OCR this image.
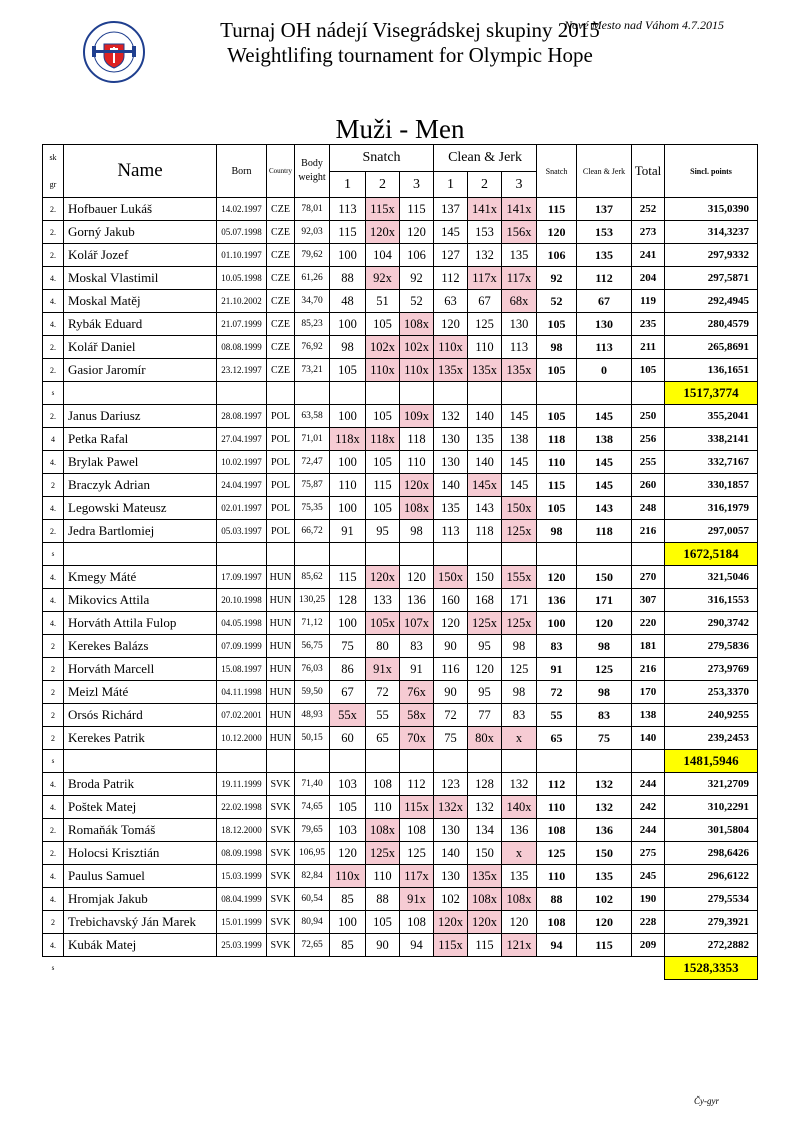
Turnaj OH nádejí Visegrádskej skupiny 2015
Weightlifing tournament for Olympic Hope
Nové Mesto nad Váhom 4.7.2015
Muži - Men
sk

gr	Name	Born	Country	Body weight	Snatch			Clean & Jerk			Snatch	Clean & Jerk	Total	Sincl. points
					1	2	3	1	2	3				
2.	Hofbauer Lukáš	14.02.1997	CZE	78,01	113	115x	115	137	141x	141x	115	137	252	315,0390
2.	Gorný Jakub	05.07.1998	CZE	92,03	115	120x	120	145	153	156x	120	153	273	314,3237
2.	Kolář Jozef	01.10.1997	CZE	79,62	100	104	106	127	132	135	106	135	241	297,9332
4.	Moskal Vlastimil	10.05.1998	CZE	61,26	88	92x	92	112	117x	117x	92	112	204	297,5871
4.	Moskal Matěj	21.10.2002	CZE	34,70	48	51	52	63	67	68x	52	67	119	292,4945
4.	Rybák Eduard	21.07.1999	CZE	85,23	100	105	108x	120	125	130	105	130	235	280,4579
2.	Kolář Daniel	08.08.1999	CZE	76,92	98	102x	102x	110x	110	113	98	113	211	265,8691
2.	Gasior Jaromír	23.12.1997	CZE	73,21	105	110x	110x	135x	135x	135x	105	0	105	136,1651
s														1517,3774
2.	Janus Dariusz	28.08.1997	POL	63,58	100	105	109x	132	140	145	105	145	250	355,2041
4	Petka Rafal	27.04.1997	POL	71,01	118x	118x	118	130	135	138	118	138	256	338,2141
4.	Brylak Pawel	10.02.1997	POL	72,47	100	105	110	130	140	145	110	145	255	332,7167
2	Braczyk Adrian	24.04.1997	POL	75,87	110	115	120x	140	145x	145	115	145	260	330,1857
4.	Legowski Mateusz	02.01.1997	POL	75,35	100	105	108x	135	143	150x	105	143	248	316,1979
2.	Jedra Bartlomiej	05.03.1997	POL	66,72	91	95	98	113	118	125x	98	118	216	297,0057
s														1672,5184
4.	Kmegy Máté	17.09.1997	HUN	85,62	115	120x	120	150x	150	155x	120	150	270	321,5046
4.	Mikovics Attila	20.10.1998	HUN	130,25	128	133	136	160	168	171	136	171	307	316,1553
4.	Horváth Attila Fulop	04.05.1998	HUN	71,12	100	105x	107x	120	125x	125x	100	120	220	290,3742
2	Kerekes Balázs	07.09.1999	HUN	56,75	75	80	83	90	95	98	83	98	181	279,5836
2	Horváth Marcell	15.08.1997	HUN	76,03	86	91x	91	116	120	125	91	125	216	273,9769
2	Meizl Máté	04.11.1998	HUN	59,50	67	72	76x	90	95	98	72	98	170	253,3370
2	Orsós Richárd	07.02.2001	HUN	48,93	55x	55	58x	72	77	83	55	83	138	240,9255
2	Kerekes Patrik	10.12.2000	HUN	50,15	60	65	70x	75	80x	x	65	75	140	239,2453
s														1481,5946
4.	Broda Patrik	19.11.1999	SVK	71,40	103	108	112	123	128	132	112	132	244	321,2709
4.	Poštek Matej	22.02.1998	SVK	74,65	105	110	115x	132x	132	140x	110	132	242	310,2291
2.	Romaňák Tomáš	18.12.2000	SVK	79,65	103	108x	108	130	134	136	108	136	244	301,5804
2.	Holocsi Krisztián	08.09.1998	SVK	106,95	120	125x	125	140	150	x	125	150	275	298,6426
4.	Paulus Samuel	15.03.1999	SVK	82,84	110x	110	117x	130	135x	135	110	135	245	296,6122
4.	Hromjak Jakub	08.04.1999	SVK	60,54	85	88	91x	102	108x	108x	88	102	190	279,5534
2	Trebichavský Ján Marek	15.01.1999	SVK	80,94	100	105	108	120x	120x	120	108	120	228	279,3921
4.	Kubák Matej	25.03.1999	SVK	72,65	85	90	94	115x	115	121x	94	115	209	272,2882
s														1528,3353
Čy-gyr
